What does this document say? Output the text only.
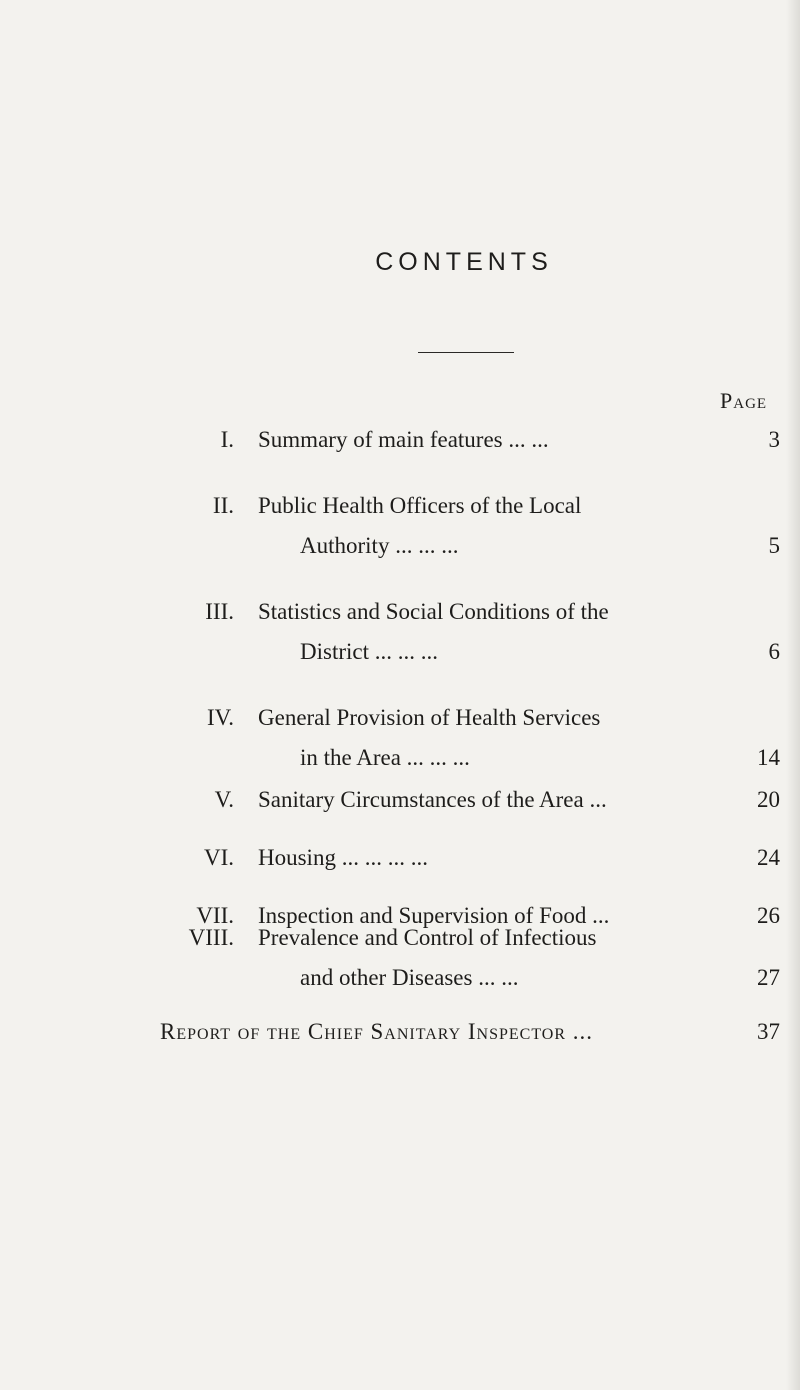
CONTENTS
Page
I. Summary of main features ... ...	3
II. Public Health Officers of the Local
Authority ... ... ...	5
III. Statistics and Social Conditions of the
District ... ... ...	6
IV. General Provision of Health Services
in the Area ... ... ...	14
V. Sanitary Circumstances of the Area ...	20
VI. Housing ... ... ... ...	24
VII. Inspection and Supervision of Food ...	26
VIII. Prevalence and Control of Infectious
and other Diseases ... ...	27
Report of the Chief Sanitary Inspector ...	37
